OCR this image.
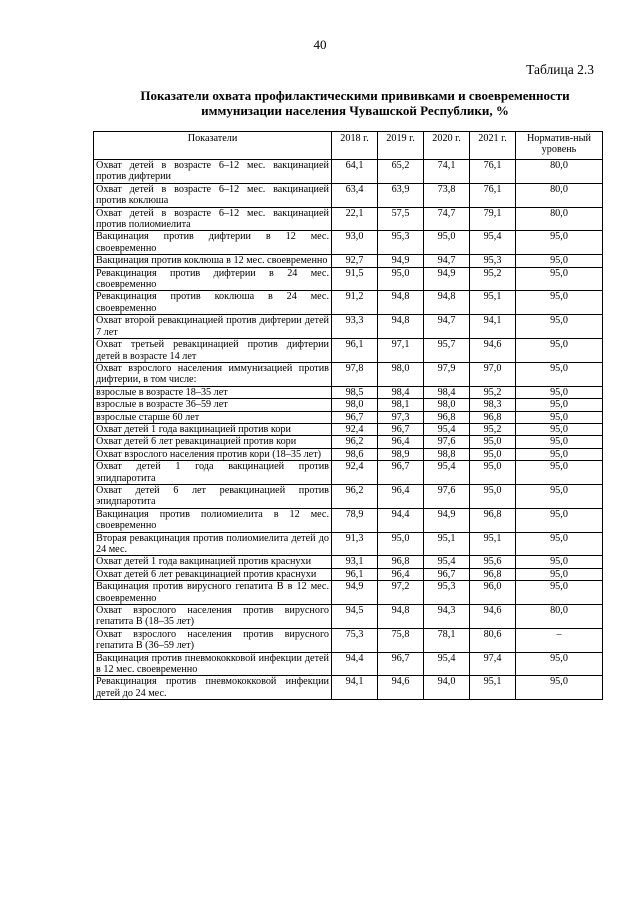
40
Таблица 2.3
Показатели охвата профилактическими прививками и своевременности
иммунизации населения Чувашской Республики, %
Показатели	2018 г.	2019 г.	2020 г.	2021 г.	Норматив-ный уровень
Охват детей в возрасте 6–12 мес. вакцинацией против дифтерии	64,1	65,2	74,1	76,1	80,0
Охват детей в возрасте 6–12 мес. вакцинацией против коклюша	63,4	63,9	73,8	76,1	80,0
Охват детей в возрасте 6–12 мес. вакцинацией против полиомиелита	22,1	57,5	74,7	79,1	80,0
Вакцинация против дифтерии в 12 мес. своевременно	93,0	95,3	95,0	95,4	95,0
Вакцинация против коклюша в 12 мес. своевременно	92,7	94,9	94,7	95,3	95,0
Ревакцинация против дифтерии в 24 мес. своевременно	91,5	95,0	94,9	95,2	95,0
Ревакцинация против коклюша в 24 мес. своевременно	91,2	94,8	94,8	95,1	95,0
Охват второй ревакцинацией против дифтерии детей 7 лет	93,3	94,8	94,7	94,1	95,0
Охват третьей ревакцинацией против дифтерии детей в возрасте 14 лет	96,1	97,1	95,7	94,6	95,0
Охват взрослого населения иммунизацией против дифтерии, в том числе:	97,8	98,0	97,9	97,0	95,0
взрослые в возрасте 18–35 лет	98,5	98,4	98,4	95,2	95,0
взрослые в возрасте 36–59 лет	98,0	98,1	98,0	98,3	95,0
взрослые старше 60 лет	96,7	97,3	96,8	96,8	95,0
Охват детей 1 года вакцинацией против кори	92,4	96,7	95,4	95,2	95,0
Охват детей 6 лет ревакцинацией против кори	96,2	96,4	97,6	95,0	95,0
Охват взрослого населения против кори (18–35 лет)	98,6	98,9	98,8	95,0	95,0
Охват детей 1 года вакцинацией против эпидпаротита	92,4	96,7	95,4	95,0	95,0
Охват детей 6 лет ревакцинацией против эпидпаротита	96,2	96,4	97,6	95,0	95,0
Вакцинация против полиомиелита в 12 мес. своевременно	78,9	94,4	94,9	96,8	95,0
Вторая ревакцинация против полиомиелита детей до 24 мес.	91,3	95,0	95,1	95,1	95,0
Охват детей 1 года вакцинацией против краснухи	93,1	96,8	95,4	95,6	95,0
Охват детей 6 лет ревакцинацией против краснухи	96,1	96,4	96,7	96,8	95,0
Вакцинация против вирусного гепатита В в 12 мес. своевременно	94,9	97,2	95,3	96,0	95,0
Охват взрослого населения против вирусного гепатита В (18–35 лет)	94,5	94,8	94,3	94,6	80,0
Охват взрослого населения против вирусного гепатита В (36–59 лет)	75,3	75,8	78,1	80,6	–
Вакцинация против пневмококковой инфекции детей в 12 мес. своевременно	94,4	96,7	95,4	97,4	95,0
Ревакцинация против пневмококковой инфекции детей до 24 мес.	94,1	94,6	94,0	95,1	95,0
